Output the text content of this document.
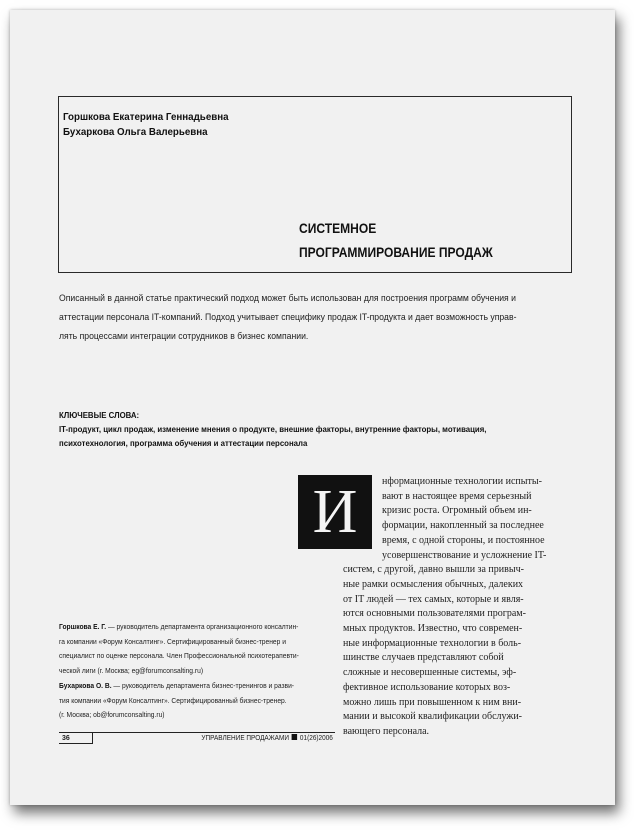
Горшкова Екатерина Геннадьевна
Бухаркова Ольга Валерьевна
СИСТЕМНОЕ
ПРОГРАММИРОВАНИЕ ПРОДАЖ
Описанный в данной статье практический подход может быть использован для построения программ обучения и
аттестации персонала IT-компаний. Подход учитывает специфику продаж IT-продукта и дает возможность управ-
лять процессами интеграции сотрудников в бизнес компании.
КЛЮЧЕВЫЕ СЛОВА:
IT-продукт, цикл продаж, изменение мнения о продукте, внешние факторы, внутренние факторы, мотивация,
психотехнология, программа обучения и аттестации персонала
И	нформационные технологии испыты-
вают в настоящее время серьезный
кризис роста. Огромный объем ин-
формации, накопленный за последнее
время, с одной стороны, и постоянное
усовершенствование и усложнение IT-
систем, с другой, давно вышли за привыч-
ные рамки осмысления обычных, далеких
от IT людей — тех самых, которые и явля-
ются основными пользователями програм-
мных продуктов. Известно, что современ-
ные информационные технологии в боль-
шинстве случаев представляют собой
сложные и несовершенные системы, эф-
фективное использование которых воз-
можно лишь при повышенном к ним вни-
мании и высокой квалификации обслужи-
вающего персонала.
Горшкова Е. Г. — руководитель департамента организационного консалтин-
га компании «Форум Консалтинг». Сертифицированный бизнес-тренер и
специалист по оценке персонала. Член Профессиональной психотерапевти-
ческой лиги (г. Москва; eg@forumconsalting.ru)
Бухаркова О. В. — руководитель департамента бизнес-тренингов и разви-
тия компании «Форум Консалтинг». Сертифицированный бизнес-тренер.
(г. Москва; ob@forumconsalting.ru)
36	УПРАВЛЕНИЕ ПРОДАЖАМИ 01(26)2006
